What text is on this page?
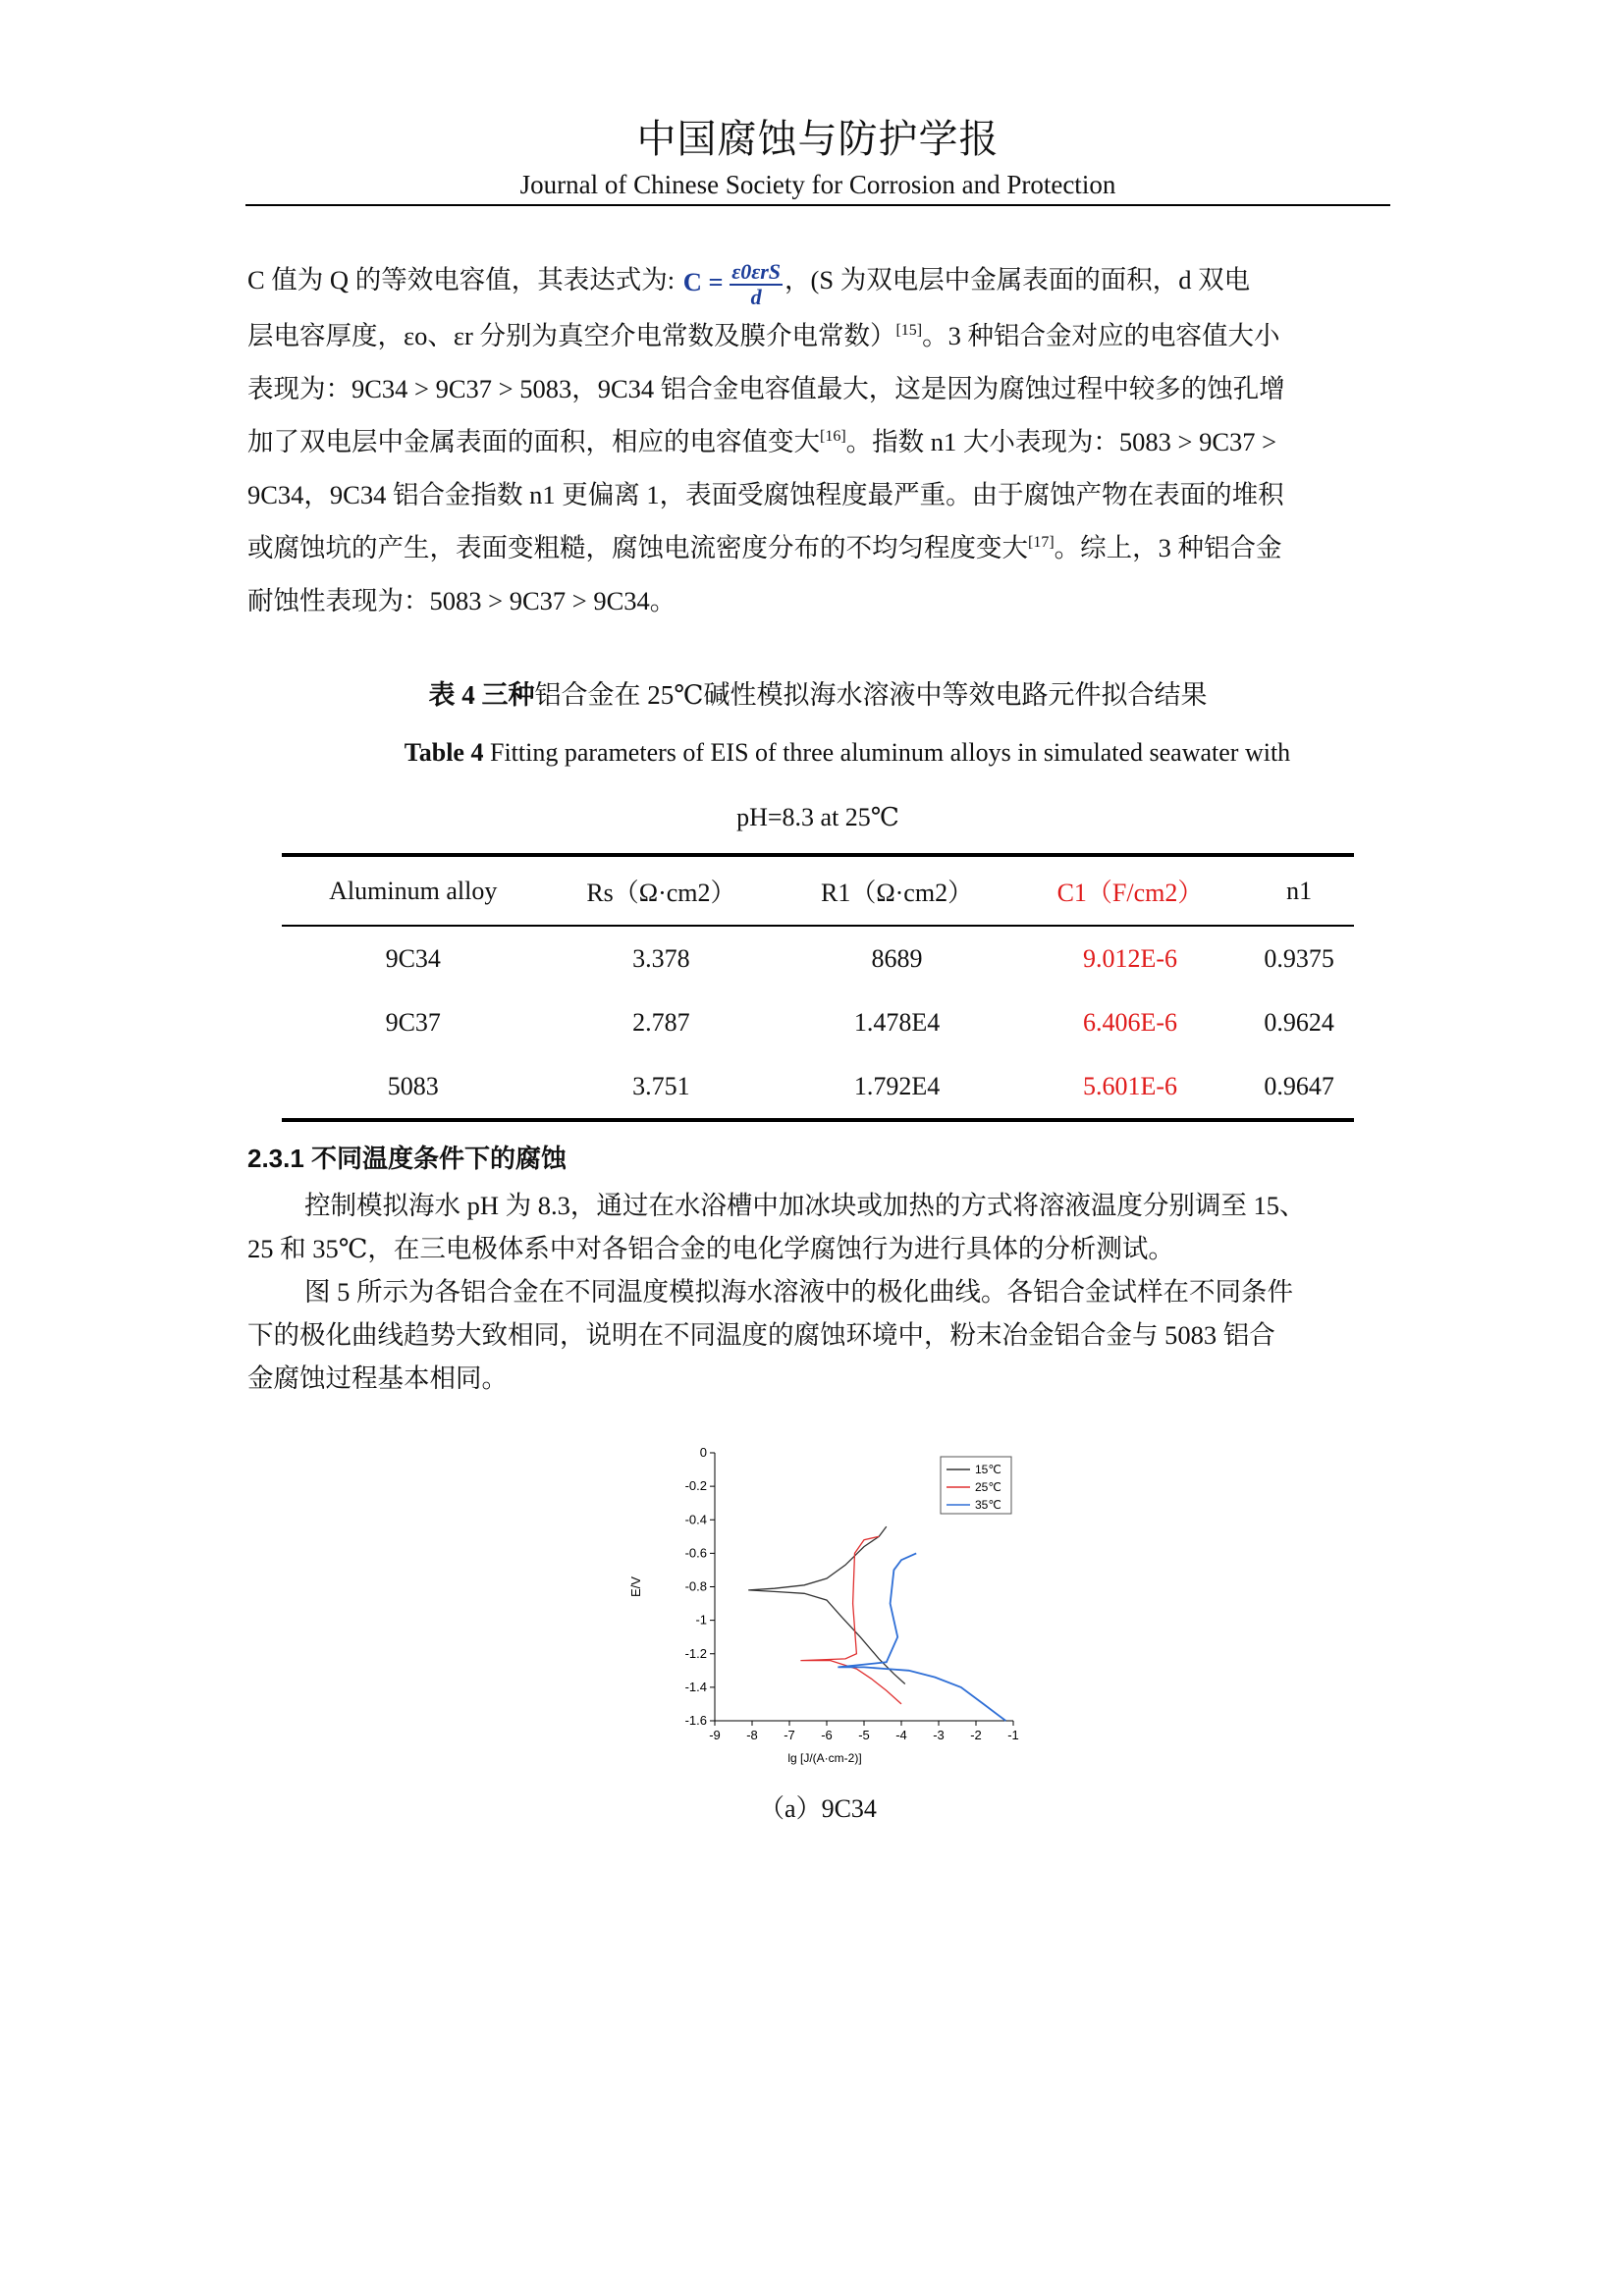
中国腐蚀与防护学报
Journal of Chinese Society for Corrosion and Protection
C 值为 Q 的等效电容值，其表达式为: $C = \frac{\text{ε0εrS}}{d}$ ，(S 为双电层中金属表面的面积，d 双电
层电容厚度，εo、εr 分别为真空介电常数及膜介电常数）[15]。3 种铝合金对应的电容值大小
表现为：9C34 > 9C37 > 5083，9C34 铝合金电容值最大，这是因为腐蚀过程中较多的蚀孔增
加了双电层中金属表面的面积，相应的电容值变大[16]。指数 n1 大小表现为：5083 > 9C37 >
9C34，9C34 铝合金指数 n1 更偏离 1，表面受腐蚀程度最严重。由于腐蚀产物在表面的堆积
或腐蚀坑的产生，表面变粗糙，腐蚀电流密度分布的不均匀程度变大[17]。综上，3 种铝合金
耐蚀性表现为：5083 > 9C37 > 9C34。
表 4 三种铝合金在 25℃碱性模拟海水溶液中等效电路元件拟合结果
Table 4 Fitting parameters of EIS of three aluminum alloys in simulated seawater with
pH=8.3 at 25℃
Aluminum alloy	Rs（Ω·cm2）	R1（Ω·cm2）	C1（F/cm2）	n1
9C34	3.378	8689	9.012E-6	0.9375
9C37	2.787	1.478E4	6.406E-6	0.9624
5083	3.751	1.792E4	5.601E-6	0.9647
2.3.1 不同温度条件下的腐蚀
控制模拟海水 pH 为 8.3，通过在水浴槽中加冰块或加热的方式将溶液温度分别调至 15、
25 和 35℃，在三电极体系中对各铝合金的电化学腐蚀行为进行具体的分析测试。
图 5 所示为各铝合金在不同温度模拟海水溶液中的极化曲线。各铝合金试样在不同条件
下的极化曲线趋势大致相同，说明在不同温度的腐蚀环境中，粉末冶金铝合金与 5083 铝合
金腐蚀过程基本相同。
-9 -8 -7 -6 -5 -4 -3 -2 -1
0
-0.2
-0.4
-0.6
-0.8
-1
-1.2
-1.4
-1.6
lg [J/(A·cm-2)]
E/V
15℃
25℃
35℃
（a）9C34
